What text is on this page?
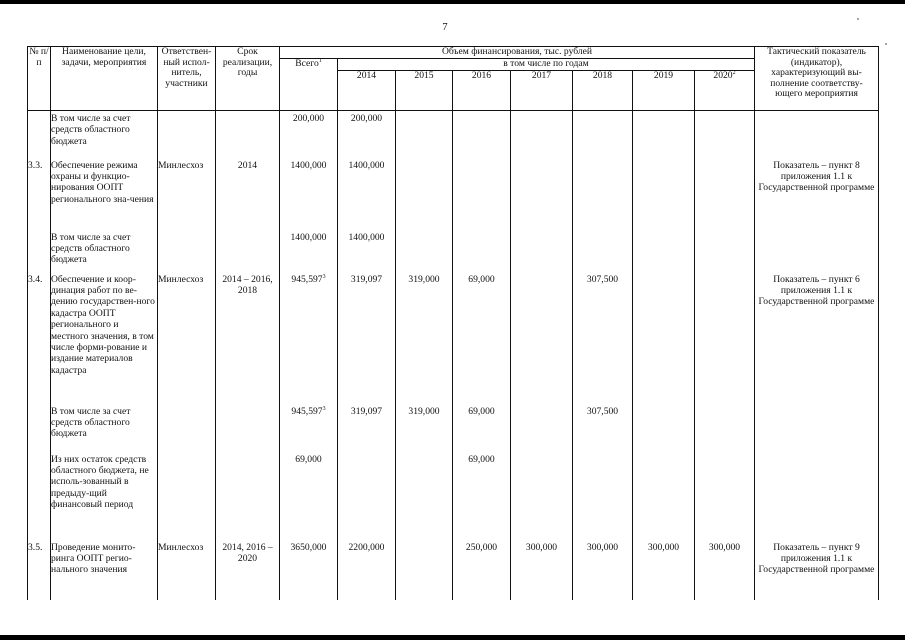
7
№ п/п	Наименование цели, задачи, мероприятия	Ответствен-ный испол-нитель, участники	Срок реализации, годы	Объем финансирования, тыс. рублей								Тактический показатель (индикатор), характеризующий вы-полнение соответству-ющего мероприятия
				Всего$^1$	в том числе по годам							
					2014	2015	2016	2017	2018	2019	2020$^2$
	В том числе за счет средств областного бюджета			200,000	200,000							
3.3.	Обеспечение режима охраны и функцио-нирования ООПТ регионального зна-чения	Минлесхоз	2014	1400,000	1400,000							Показатель – пункт 8 приложения 1.1 к Государственной программе
	В том числе за счет средств областного бюджета			1400,000	1400,000							
3.4.	Обеспечение и коор-динация работ по ве-дению государствен-ного кадастра ООПТ регионального и местного значения, в том числе форми-рование и издание материалов кадастра	Минлесхоз	2014 – 2016, 2018	945,597$^3$	319,097	319,000	69,000		307,500			Показатель – пункт 6 приложения 1.1 к Государственной программе
	В том числе за счет средств областного бюджета			945,597$^3$	319,097	319,000	69,000		307,500			
	Из них остаток средств областного бюджета, не исполь-зованный в предыду-щий финансовый период			69,000			69,000					
3.5.	Проведение монито-ринга ООПТ регио-нального значения	Минлесхоз	2014, 2016 – 2020	3650,000	2200,000		250,000	300,000	300,000	300,000	300,000	Показатель – пункт 9 приложения 1.1 к Государственной программе
